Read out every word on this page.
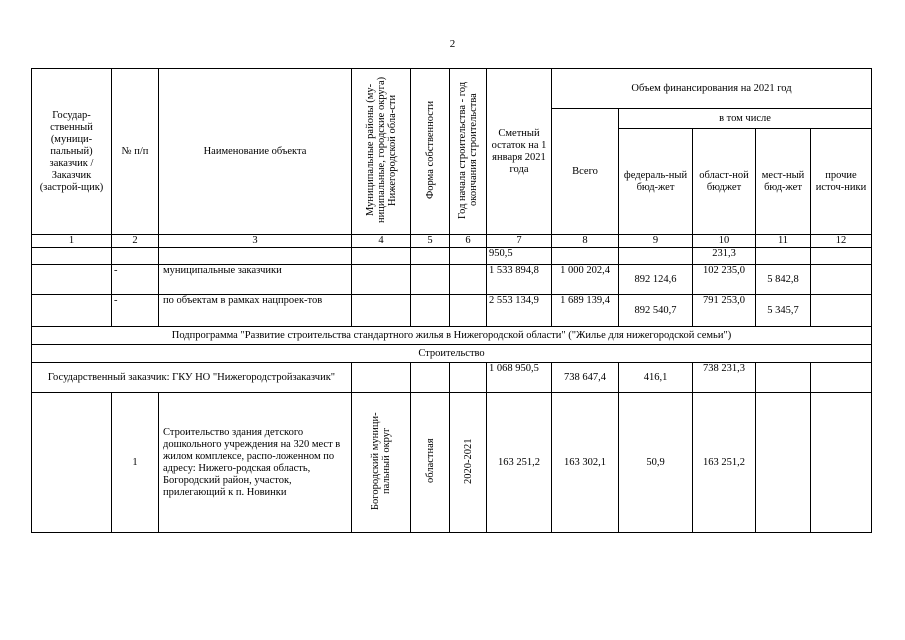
2
Государ-ственный (муници-пальный) заказчик / Заказчик (застрой-щик)	№ п/п	Наименование объекта	Муниципальные районы (му-ниципальные, городские округа) Нижегородской обла-сти	Форма собственности	Год начала строительства - год окончания строительства	Сметный остаток на 1 января 2021 года	Объем финансирования на 2021 год				
							Всего	в том числе			
								федераль-ный бюд-жет	област-ной бюджет	мест-ный бюд-жет	прочие источ-ники
1	2	3	4	5	6	7	8	9	10	11	12
						950,5			231,3		
	-	муниципальные заказчики				1 533 894,8	1 000 202,4	892 124,6	102 235,0	5 842,8	
	-	по объектам в рамках нацпроек-тов				2 553 134,9	1 689 139,4	892 540,7	791 253,0	5 345,7	
Подпрограмма "Развитие строительства стандартного жилья в Нижегородской области" ("Жилье для нижегородской семьи")											
Строительство											
Государственный заказчик: ГКУ НО "Нижегородстройзаказчик"						1 068 950,5	738 647,4	416,1	738 231,3		
	1	Строительство здания детского дошкольного учреждения на 320 мест в жилом комплексе, распо-ложенном по адресу: Нижего-родская область, Богородский район, участок, прилегающий к п. Новинки	Богородский муници-пальный округ	областная	2020-2021	163 251,2	163 302,1	50,9	163 251,2		
